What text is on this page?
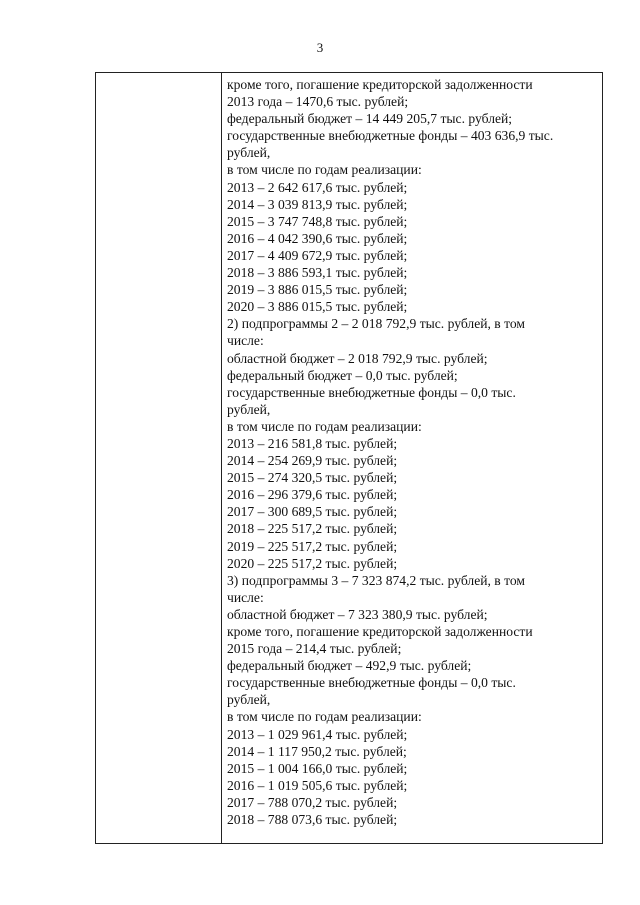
3
кроме того, погашение кредиторской задолженности
2013 года – 1470,6 тыс. рублей;
федеральный бюджет – 14 449 205,7 тыс. рублей;
государственные внебюджетные фонды – 403 636,9 тыс.
рублей,
в том числе по годам реализации:
2013 – 2 642 617,6 тыс. рублей;
2014 – 3 039 813,9 тыс. рублей;
2015 – 3 747 748,8 тыс. рублей;
2016 – 4 042 390,6 тыс. рублей;
2017 – 4 409 672,9 тыс. рублей;
2018 – 3 886 593,1 тыс. рублей;
2019 – 3 886 015,5 тыс. рублей;
2020 – 3 886 015,5 тыс. рублей;
2) подпрограммы 2 – 2 018 792,9 тыс. рублей, в том
числе:
областной бюджет – 2 018 792,9 тыс. рублей;
федеральный бюджет – 0,0 тыс. рублей;
государственные внебюджетные фонды – 0,0 тыс.
рублей,
в том числе по годам реализации:
2013 – 216 581,8 тыс. рублей;
2014 – 254 269,9 тыс. рублей;
2015 – 274 320,5 тыс. рублей;
2016 – 296 379,6 тыс. рублей;
2017 – 300 689,5 тыс. рублей;
2018 – 225 517,2 тыс. рублей;
2019 – 225 517,2 тыс. рублей;
2020 – 225 517,2 тыс. рублей;
3) подпрограммы 3 – 7 323 874,2 тыс. рублей, в том
числе:
областной бюджет – 7 323 380,9 тыс. рублей;
кроме того, погашение кредиторской задолженности
2015 года – 214,4 тыс. рублей;
федеральный бюджет – 492,9 тыс. рублей;
государственные внебюджетные фонды – 0,0 тыс.
рублей,
в том числе по годам реализации:
2013 – 1 029 961,4 тыс. рублей;
2014 – 1 117 950,2 тыс. рублей;
2015 – 1 004 166,0 тыс. рублей;
2016 – 1 019 505,6 тыс. рублей;
2017 – 788 070,2 тыс. рублей;
2018 – 788 073,6 тыс. рублей;
